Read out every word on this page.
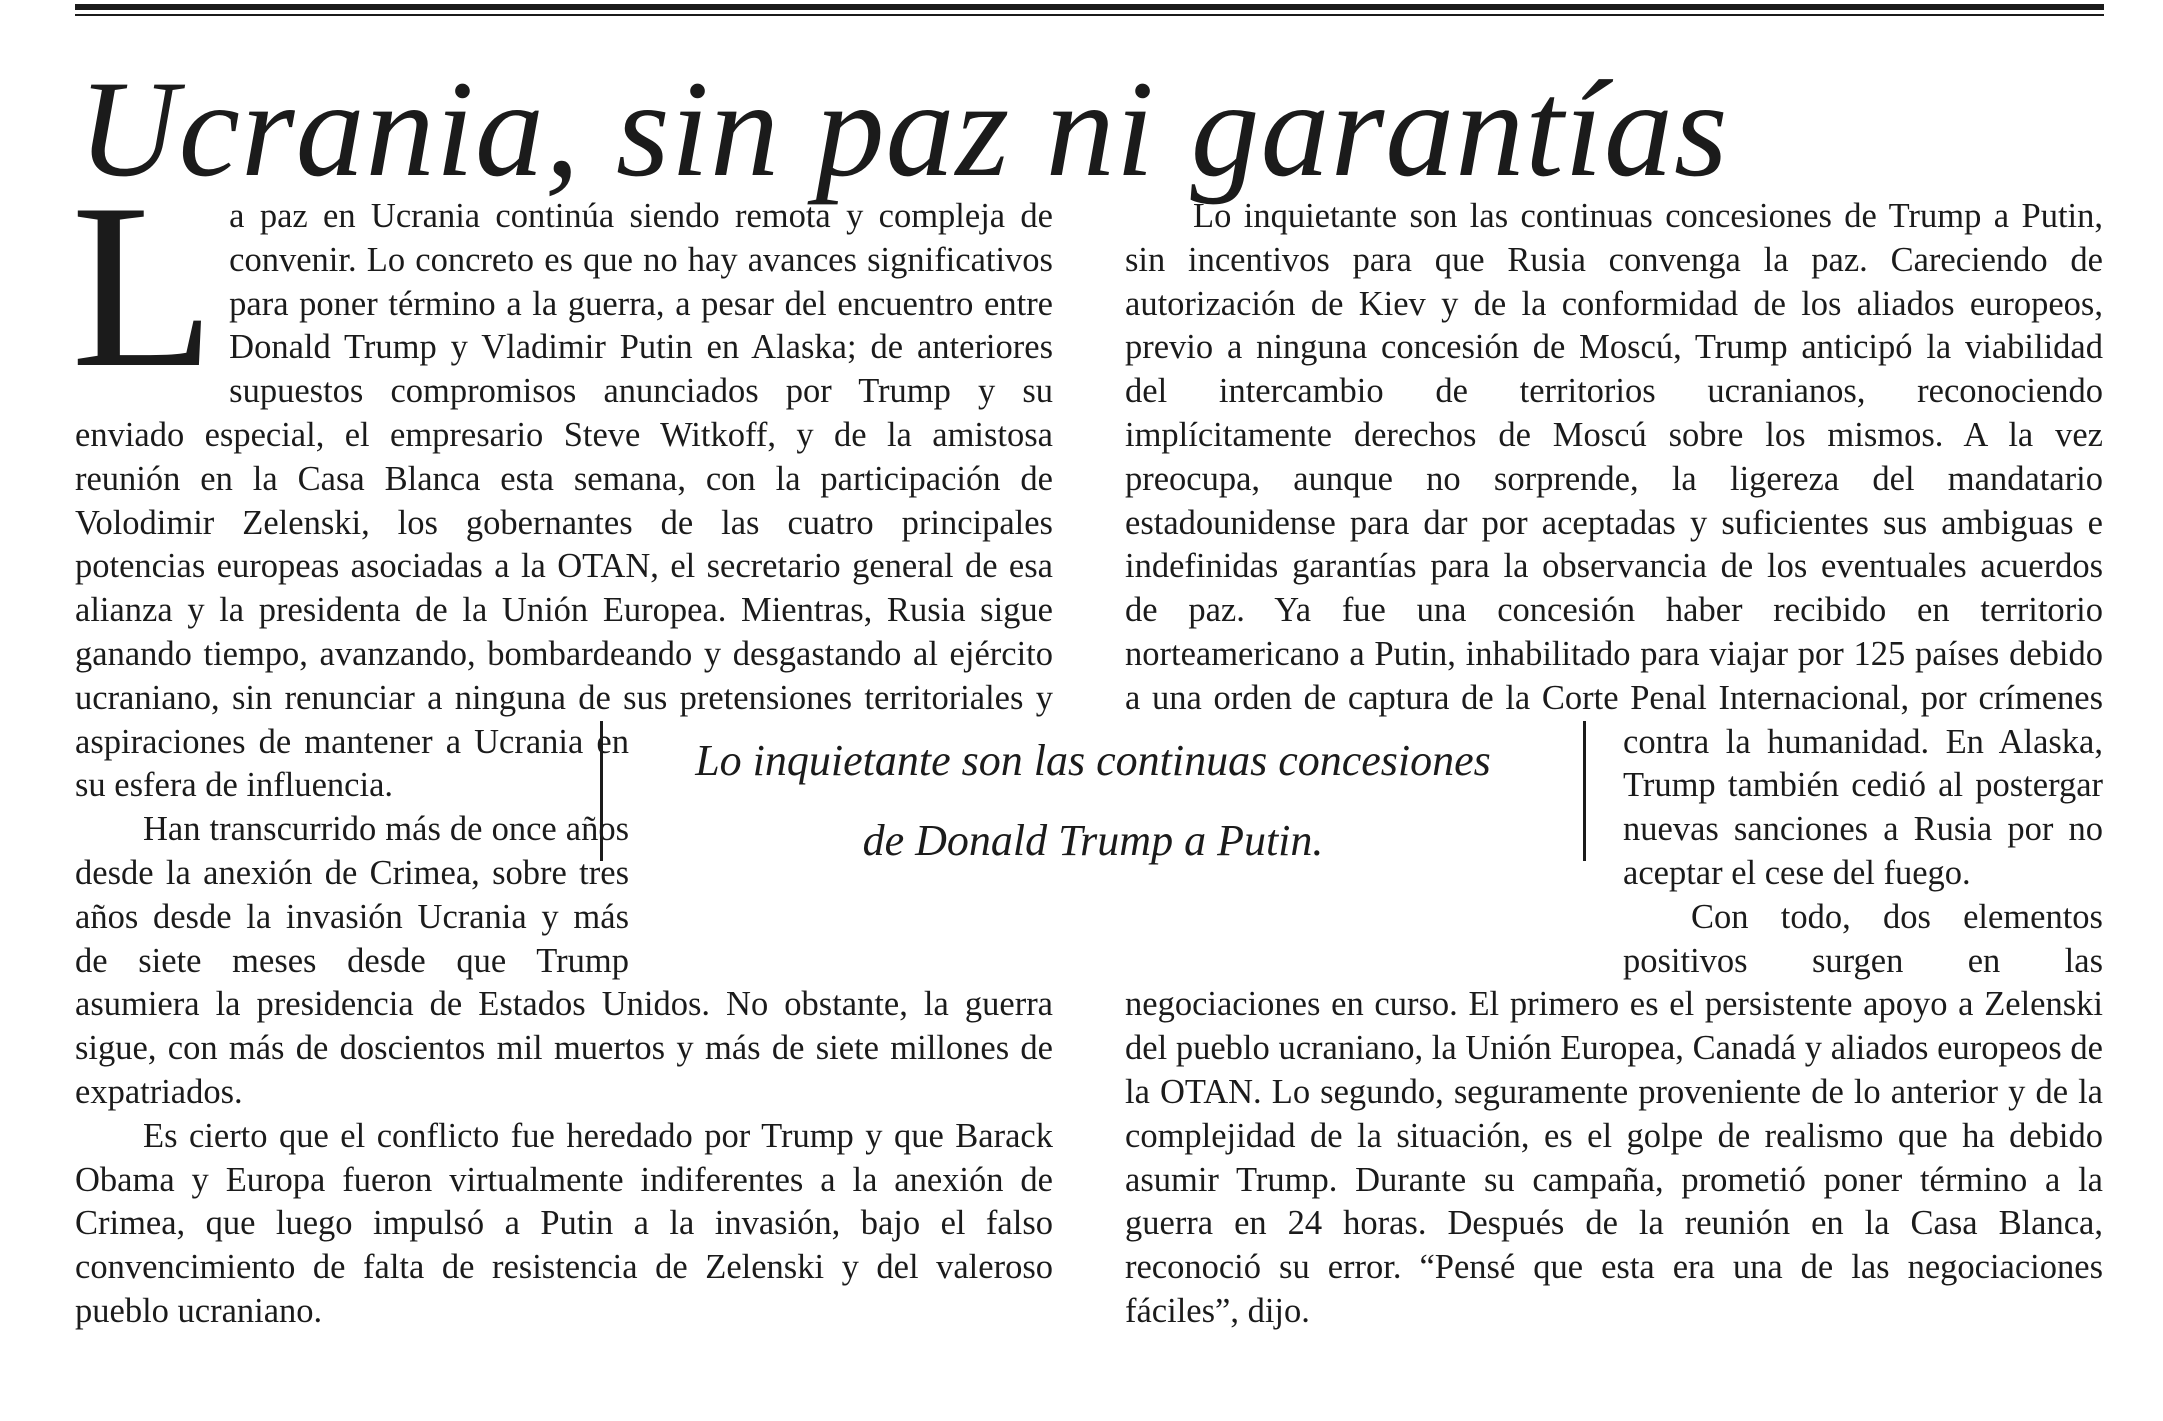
Ucrania, sin paz ni garantías

La paz en Ucrania continúa siendo remota y compleja de convenir. Lo concreto es que no hay avances significativos para poner término a la guerra, a pesar del encuentro entre Donald Trump y Vladimir Putin en Alaska; de anteriores supuestos compromisos anunciados por Trump y su enviado especial, el empresario Steve Witkoff, y de la amistosa reunión en la Casa Blanca esta semana, con la participación de Volodimir Zelenski, los gobernantes de las cuatro principales potencias europeas asociadas a la OTAN, el secretario general de esa alianza y la presidenta de la Unión Europea. Mientras, Rusia sigue ganando tiempo, avanzando, bombardeando y desgastando al ejército ucraniano, sin renunciar a ninguna de sus pretensiones territoriales y
aspiraciones de mantener a Ucrania en su esfera de influencia.

Han transcurrido más de once años desde la anexión de Crimea, sobre tres años desde la invasión Ucrania y más de siete meses desde que Trump asumiera la presidencia de Estados Unidos. No obstante, la guerra sigue, con más de doscientos mil muertos y más de siete millones de expatriados.

Es cierto que el conflicto fue heredado por Trump y que Barack Obama y Europa fueron virtualmente indiferentes a la anexión de Crimea, que luego impulsó a Putin a la invasión, bajo el falso convencimiento de falta de resistencia de Zelenski y del valeroso pueblo ucraniano.

Lo inquietante son las continuas concesiones de Trump a Putin, sin incentivos para que Rusia convenga la paz. Careciendo de autorización de Kiev y de la conformidad de los aliados europeos, previo a ninguna concesión de Moscú, Trump anticipó la viabilidad del intercambio de territorios ucranianos, reconociendo implícitamente derechos de Moscú sobre los mismos. A la vez preocupa, aunque no sorprende, la ligereza del mandatario estadounidense para dar por aceptadas y suficientes sus ambiguas e indefinidas garantías para la observancia de los eventuales acuerdos de paz. Ya fue una concesión haber recibido en territorio norteamericano a Putin, inhabilitado para viajar por 125 países debido a una orden de captura de la Corte Penal Internacional, por crímenes
contra la humanidad. En Alaska, Trump también cedió al postergar nuevas sanciones a Rusia por no aceptar el cese del fuego.

Con todo, dos elementos positivos surgen en las negociaciones en curso. El primero es el persistente apoyo a Zelenski del pueblo ucraniano, la Unión Europea, Canadá y aliados europeos de la OTAN. Lo segundo, seguramente proveniente de lo anterior y de la complejidad de la situación, es el golpe de realismo que ha debido asumir Trump. Durante su campaña, prometió poner término a la guerra en 24 horas. Después de la reunión en la Casa Blanca, reconoció su error. “Pensé que esta era una de las negociaciones fáciles”, dijo.

Lo inquietante son las continuas concesiones
de Donald Trump a Putin.
